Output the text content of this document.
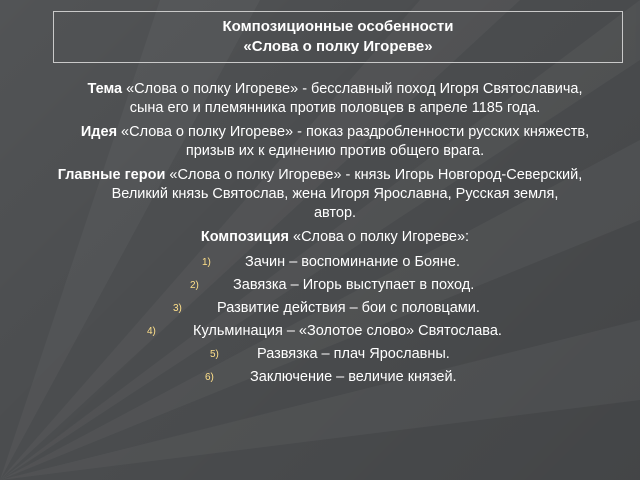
Композиционные особенности
«Слова о полку Игореве»
Тема «Слова о полку Игореве» - бесславный поход Игоря Святославича,
сына его и племянника против половцев в апреле 1185 года.
Идея «Слова о полку Игореве» - показ раздробленности русских княжеств,
призыв их к единению против общего врага.
Главные герои «Слова о полку Игореве» - князь Игорь Новгород-Северский,
Великий князь Святослав, жена Игоря Ярославна, Русская земля,
автор.
Композиция «Слова о полку Игореве»:
1) Зачин – воспоминание о Бояне.
2) Завязка – Игорь выступает в поход.
3) Развитие действия – бои с половцами.
4)	Кульминация – «Золотое слово» Святослава.
5)	Развязка – плач Ярославны.
6) Заключение – величие князей.
